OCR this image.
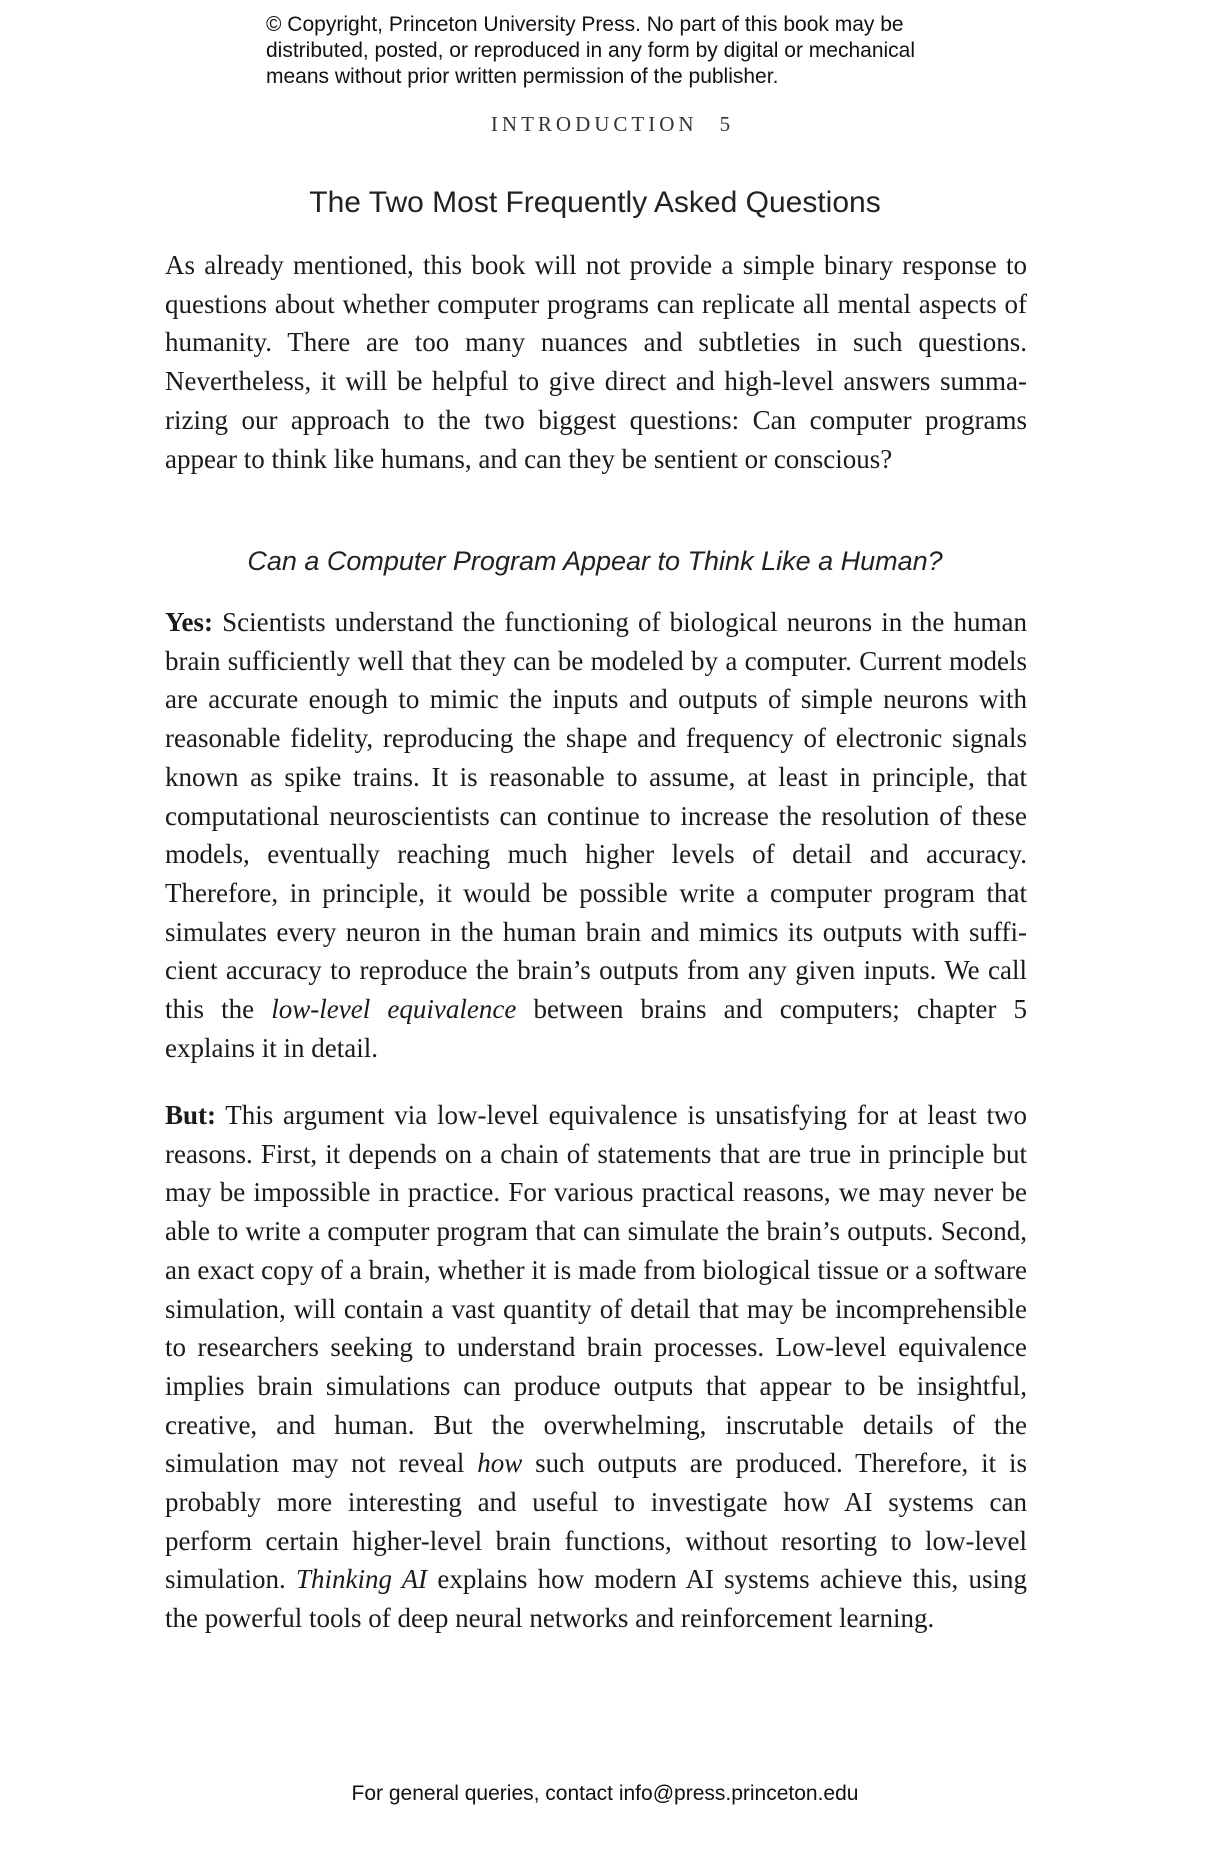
© Copyright, Princeton University Press. No part of this book may be
distributed, posted, or reproduced in any form by digital or mechanical
means without prior written permission of the publisher.
INTRODUCTION 5
The Two Most Frequently Asked Questions

As already mentioned, this book will not provide a simple binary response to questions about whether computer programs can replicate all mental aspects of humanity. There are too many nuances and subtleties in such questions. Nevertheless, it will be helpful to give direct and high-level answers summarizing our approach to the two biggest questions: Can computer programs appear to think like humans, and can they be sentient or conscious?

Can a Computer Program Appear to Think Like a Human?

Yes: Scientists understand the functioning of biological neurons in the human brain sufficiently well that they can be modeled by a computer. Current models are accurate enough to mimic the inputs and outputs of simple neurons with reasonable fidelity, reproducing the shape and frequency of electronic signals known as spike trains. It is reasonable to assume, at least in principle, that computational neuroscientists can continue to increase the resolution of these models, eventually reaching much higher levels of detail and accuracy. Therefore, in principle, it would be possible write a computer program that simulates every neuron in the human brain and mimics its outputs with sufficient accuracy to reproduce the brain’s outputs from any given inputs. We call this the low-level equivalence between brains and computers; chapter 5 explains it in detail.

But: This argument via low-level equivalence is unsatisfying for at least two reasons. First, it depends on a chain of statements that are true in principle but may be impossible in practice. For various practical reasons, we may never be able to write a computer program that can simulate the brain’s outputs. Second, an exact copy of a brain, whether it is made from biological tissue or a software simulation, will contain a vast quantity of detail that may be incomprehensible to researchers seeking to understand brain processes. Low-level equivalence implies brain simulations can produce outputs that appear to be insightful, creative, and human. But the overwhelming, inscrutable details of the simulation may not reveal how such outputs are produced. Therefore, it is probably more interesting and useful to investigate how AI systems can perform certain higher-level brain functions, without resorting to low-level simulation. Thinking AI explains how modern AI systems achieve this, using the powerful tools of deep neural networks and reinforcement learning.

For general queries, contact info@press.princeton.edu
